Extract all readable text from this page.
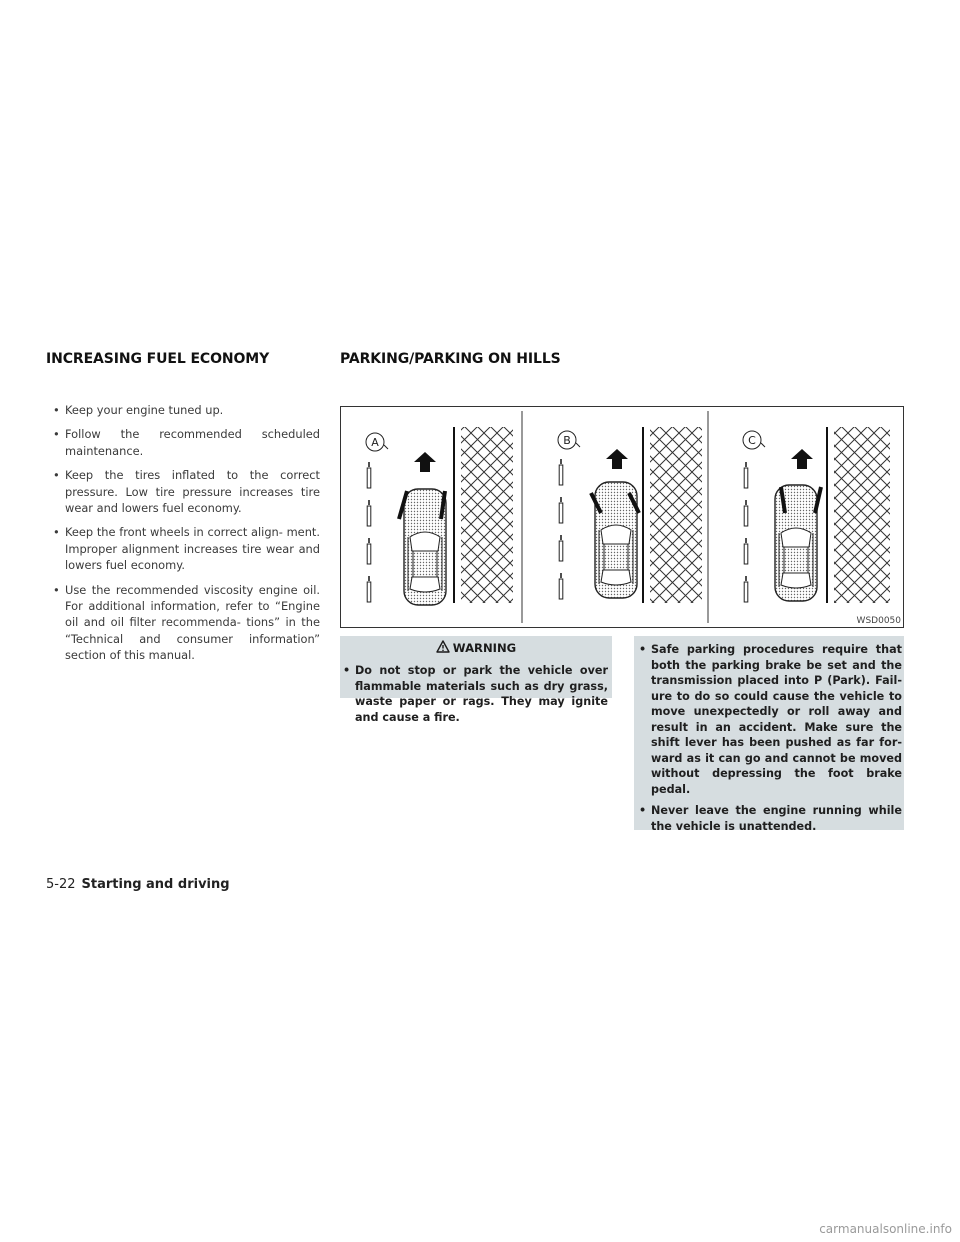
INCREASING FUEL ECONOMY	PARKING/PARKING ON HILLS
• Keep your engine tuned up.
• Follow the recommended scheduled maintenance.
• Keep the tires inflated to the correct pressure. Low tire pressure increases tire wear and lowers fuel economy.
• Keep the front wheels in correct align- ment. Improper alignment increases tire wear and lowers fuel economy.
• Use the recommended viscosity engine oil. For additional information, refer to “Engine oil and oil filter recommenda- tions” in the “Technical and consumer information” section of this manual.
A	B	C
WSD0050
WARNING
• Do not stop or park the vehicle over flammable materials such as dry grass, waste paper or rags. They may ignite and cause a fire.
• Safe parking procedures require that both the parking brake be set and the transmission placed into P (Park). Fail- ure to do so could cause the vehicle to move unexpectedly or roll away and result in an accident. Make sure the shift lever has been pushed as far for- ward as it can go and cannot be moved without depressing the foot brake pedal.
• Never leave the engine running while the vehicle is unattended.
5-22 Starting and driving
carmanualsonline.info
